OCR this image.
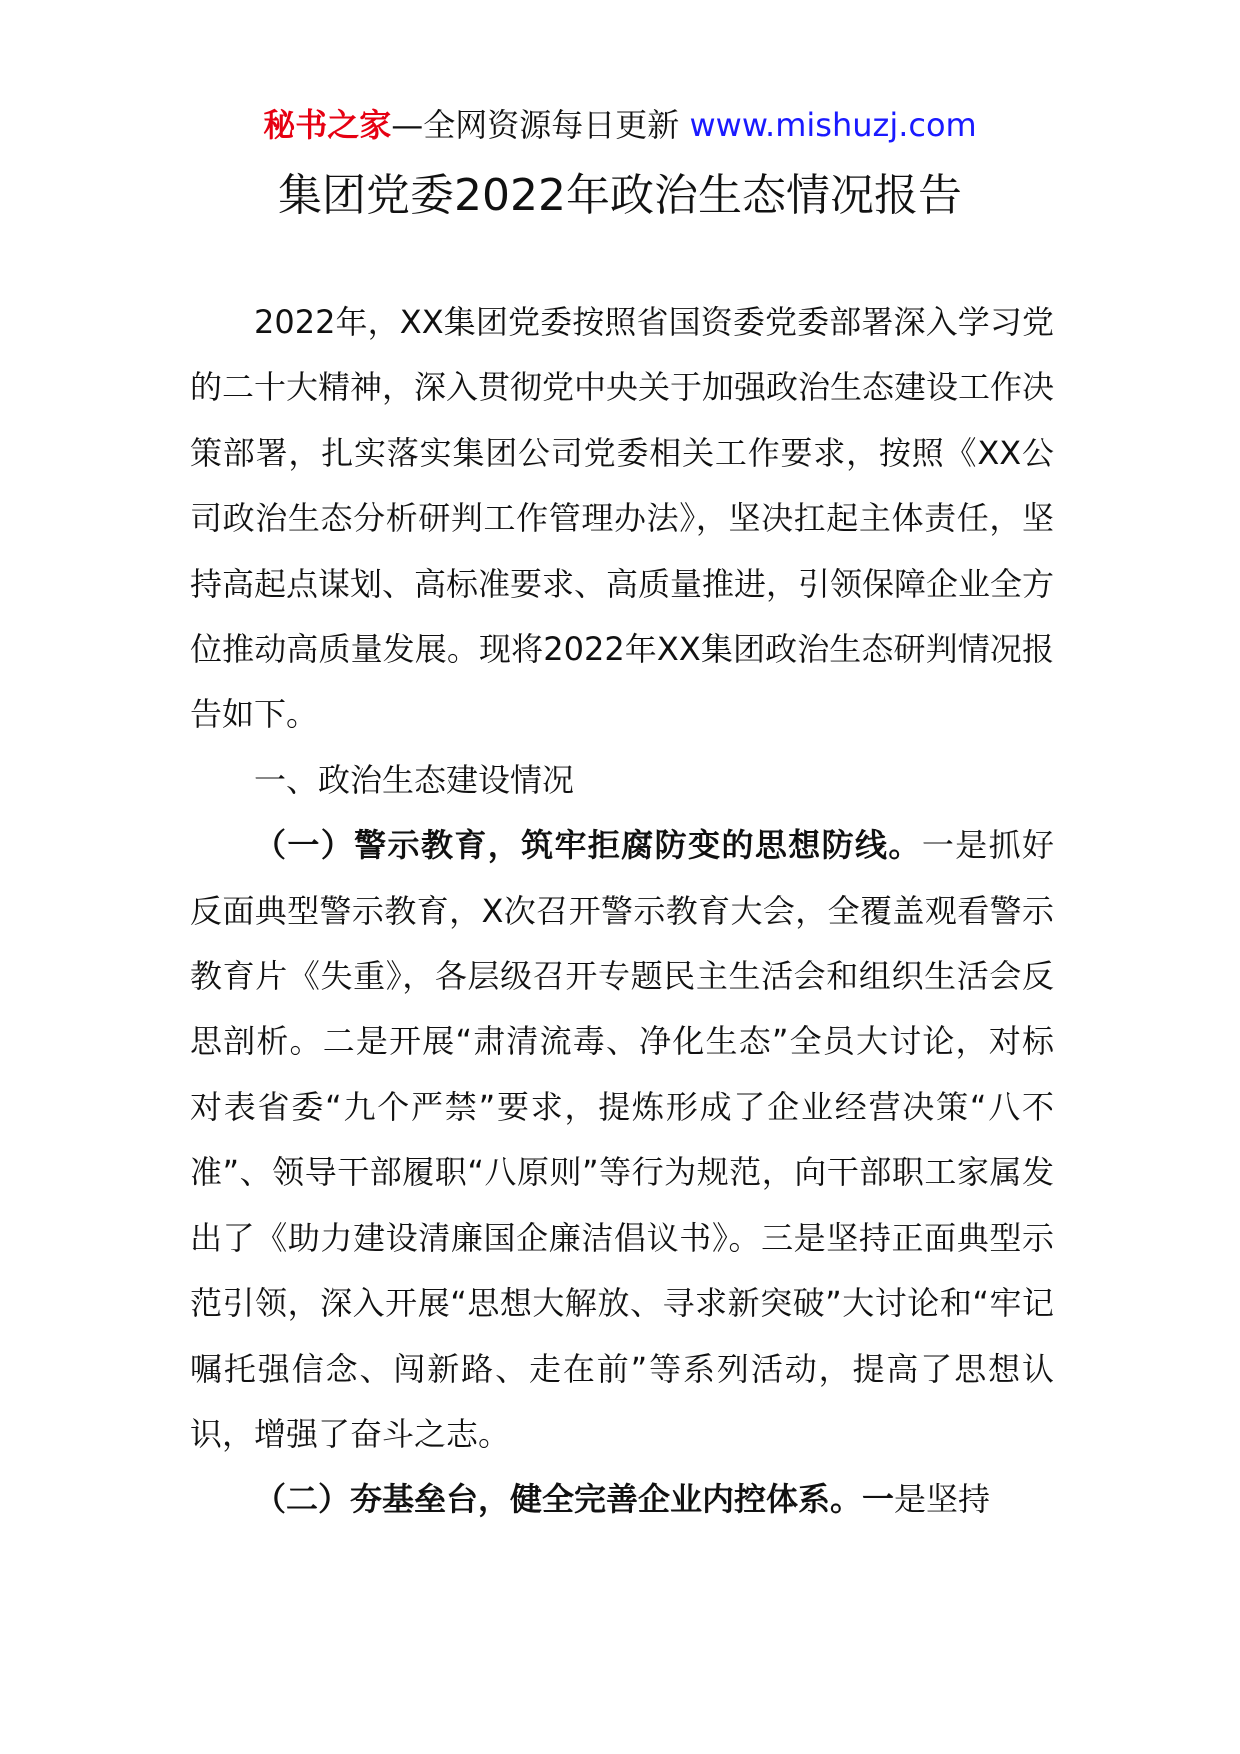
秘书之家—全网资源每日更新 www.mishuzj.com
集团党委2022年政治生态情况报告

2022年，XX集团党委按照省国资委党委部署深入学习党的二十大精神，深入贯彻党中央关于加强政治生态建设工作决策部署，扎实落实集团公司党委相关工作要求，按照《XX公司政治生态分析研判工作管理办法》，坚决扛起主体责任，坚持高起点谋划、高标准要求、高质量推进，引领保障企业全方位推动高质量发展。现将2022年XX集团政治生态研判情况报告如下。

一、政治生态建设情况

（一）警示教育，筑牢拒腐防变的思想防线。一是抓好反面典型警示教育，X次召开警示教育大会，全覆盖观看警示教育片《失重》，各层级召开专题民主生活会和组织生活会反思剖析。二是开展“肃清流毒、净化生态”全员大讨论，对标对表省委“九个严禁”要求，提炼形成了企业经营决策“八不准”、领导干部履职“八原则”等行为规范，向干部职工家属发出了《助力建设清廉国企廉洁倡议书》。三是坚持正面典型示范引领，深入开展“思想大解放、寻求新突破”大讨论和“牢记嘱托强信念、闯新路、走在前”等系列活动，提高了思想认识，增强了奋斗之志。

（二）夯基垒台，健全完善企业内控体系。一是坚持
